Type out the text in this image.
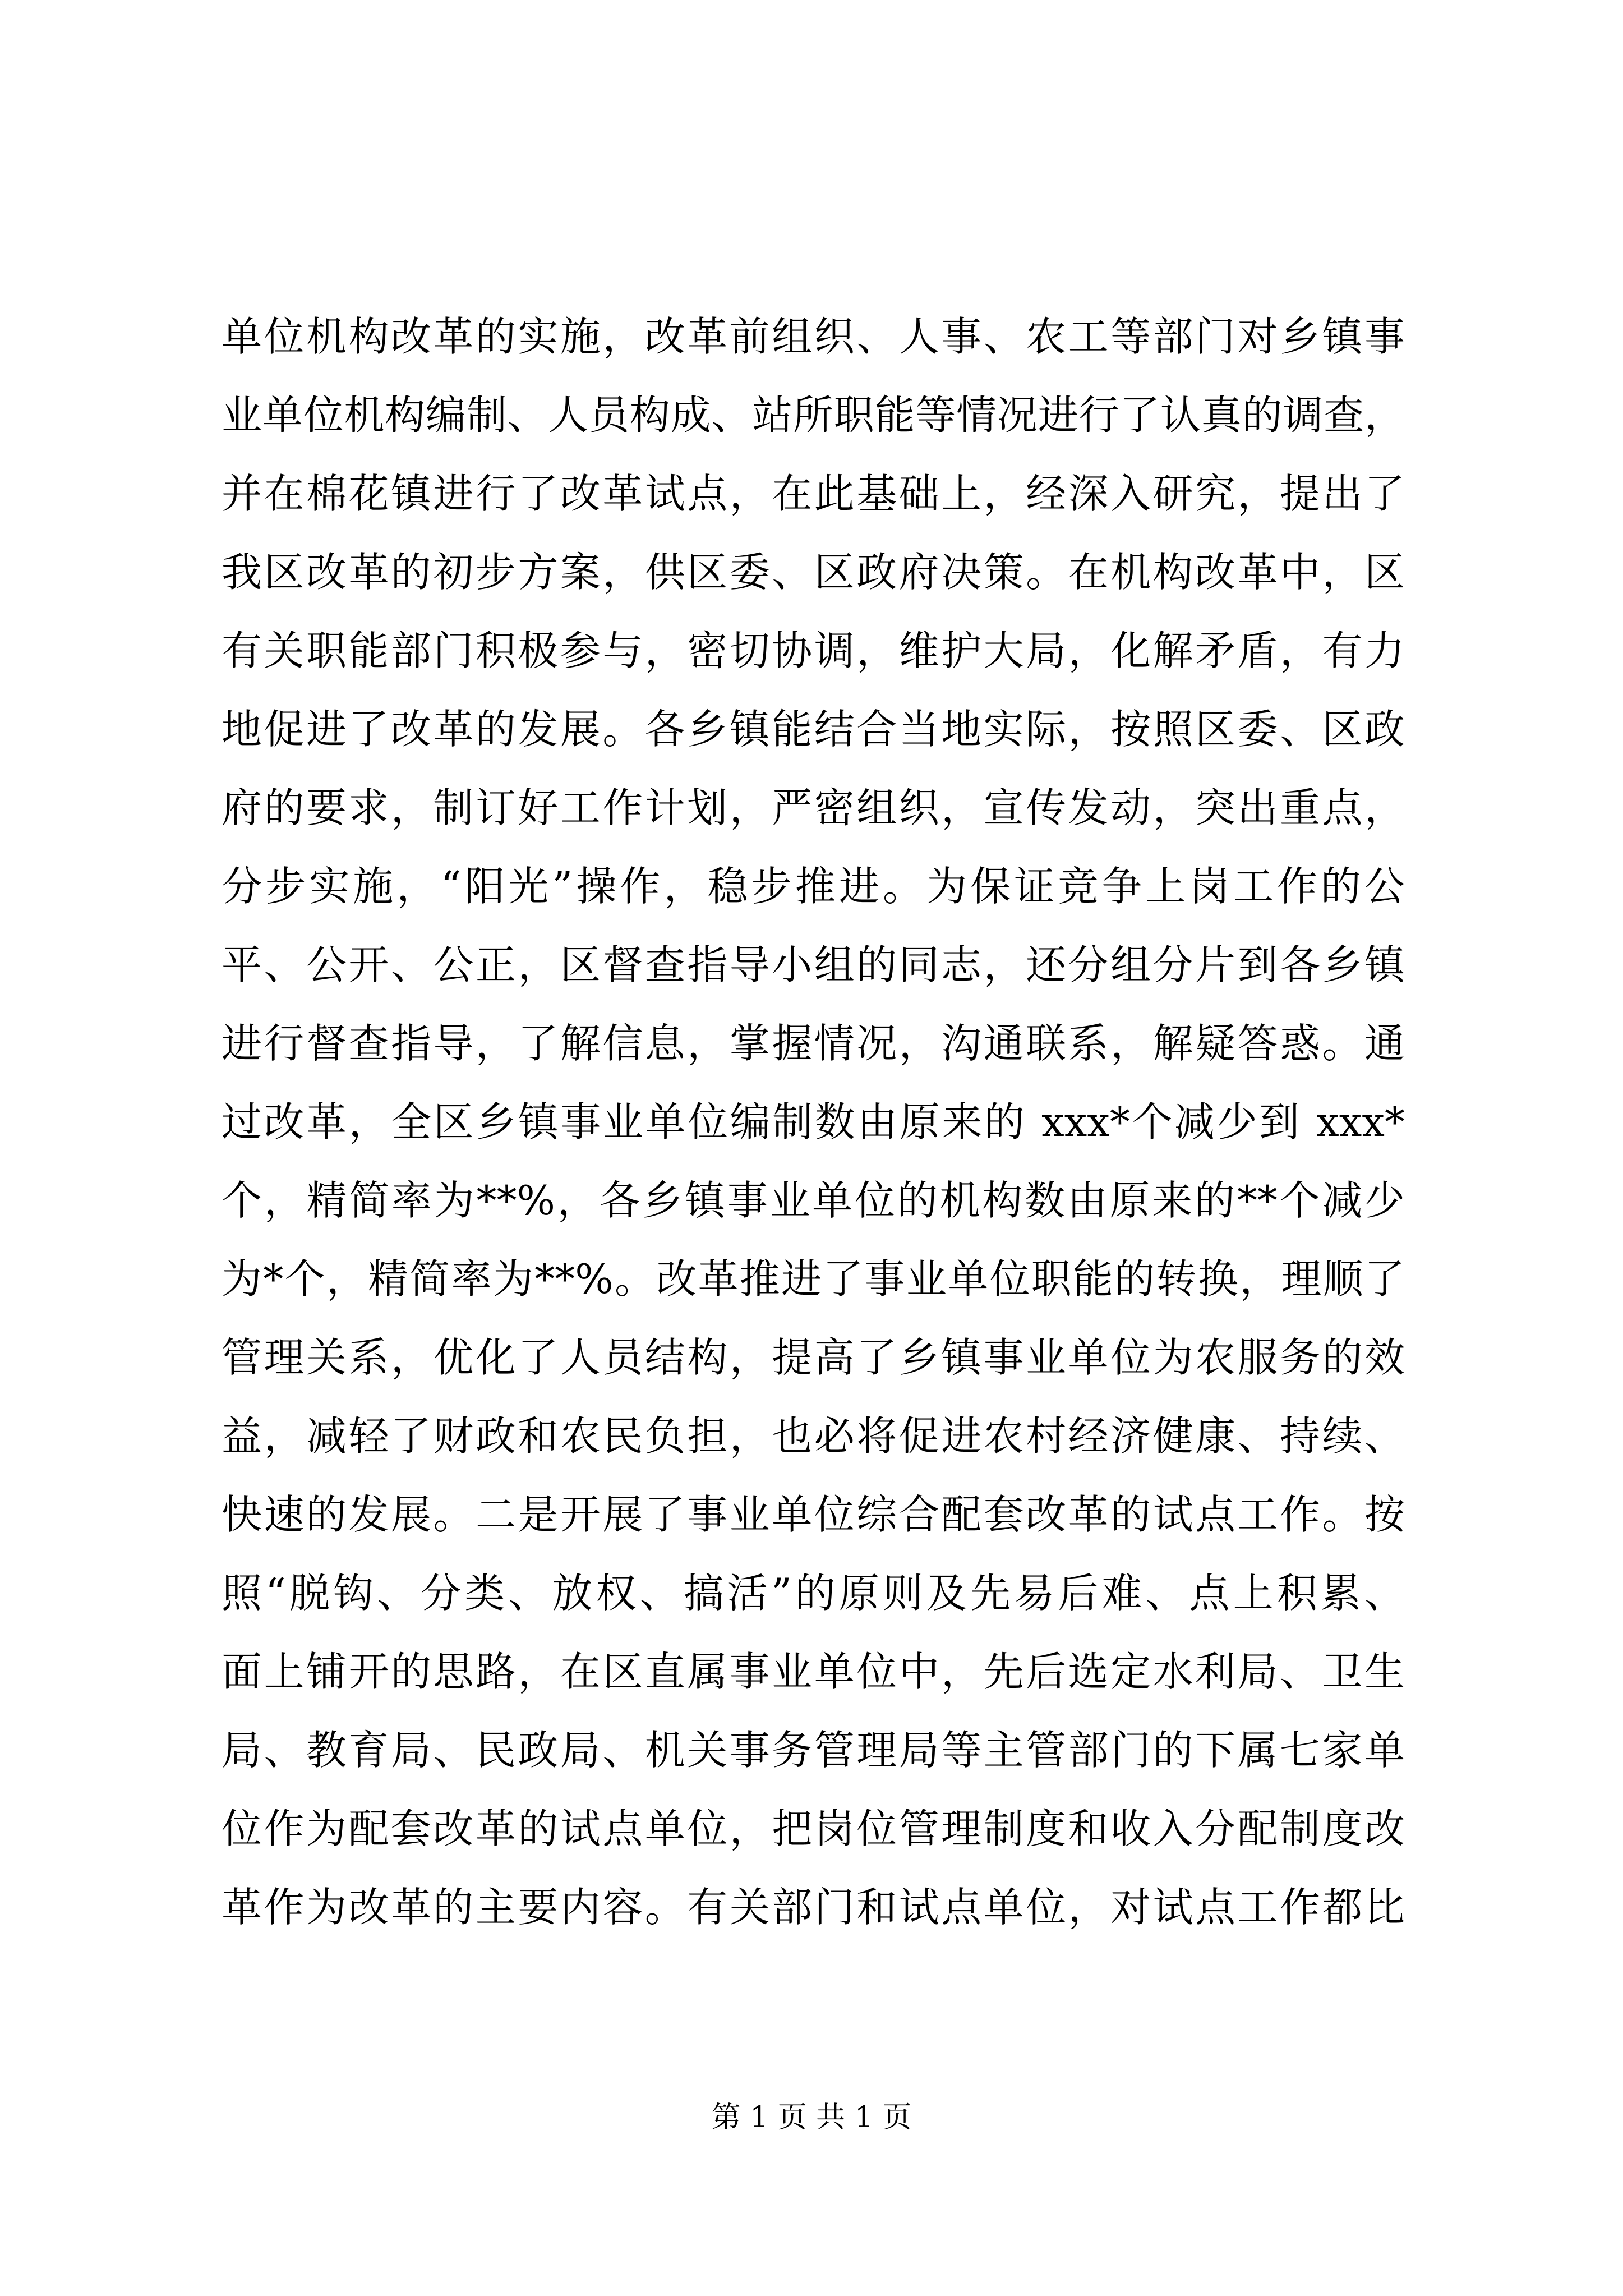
单位机构改革的实施，改革前组织、人事、农工等部门对乡镇事
业单位机构编制、人员构成、站所职能等情况进行了认真的调查，
并在棉花镇进行了改革试点，在此基础上，经深入研究，提出了
我区改革的初步方案，供区委、区政府决策。在机构改革中，区
有关职能部门积极参与，密切协调，维护大局，化解矛盾，有力
地促进了改革的发展。各乡镇能结合当地实际，按照区委、区政
府的要求，制订好工作计划，严密组织，宣传发动，突出重点，
分步实施，“阳光”操作，稳步推进。为保证竞争上岗工作的公
平、公开、公正，区督查指导小组的同志，还分组分片到各乡镇
进行督查指导，了解信息，掌握情况，沟通联系，解疑答惑。通
过改革，全区乡镇事业单位编制数由原来的 xxx*个减少到 xxx*
个，精简率为**%，各乡镇事业单位的机构数由原来的**个减少
为*个，精简率为**%。改革推进了事业单位职能的转换，理顺了
管理关系，优化了人员结构，提高了乡镇事业单位为农服务的效
益，减轻了财政和农民负担，也必将促进农村经济健康、持续、
快速的发展。二是开展了事业单位综合配套改革的试点工作。按
照“脱钩、分类、放权、搞活”的原则及先易后难、点上积累、
面上铺开的思路，在区直属事业单位中，先后选定水利局、卫生
局、教育局、民政局、机关事务管理局等主管部门的下属七家单
位作为配套改革的试点单位，把岗位管理制度和收入分配制度改
革作为改革的主要内容。有关部门和试点单位，对试点工作都比
第 1 页 共 1 页
